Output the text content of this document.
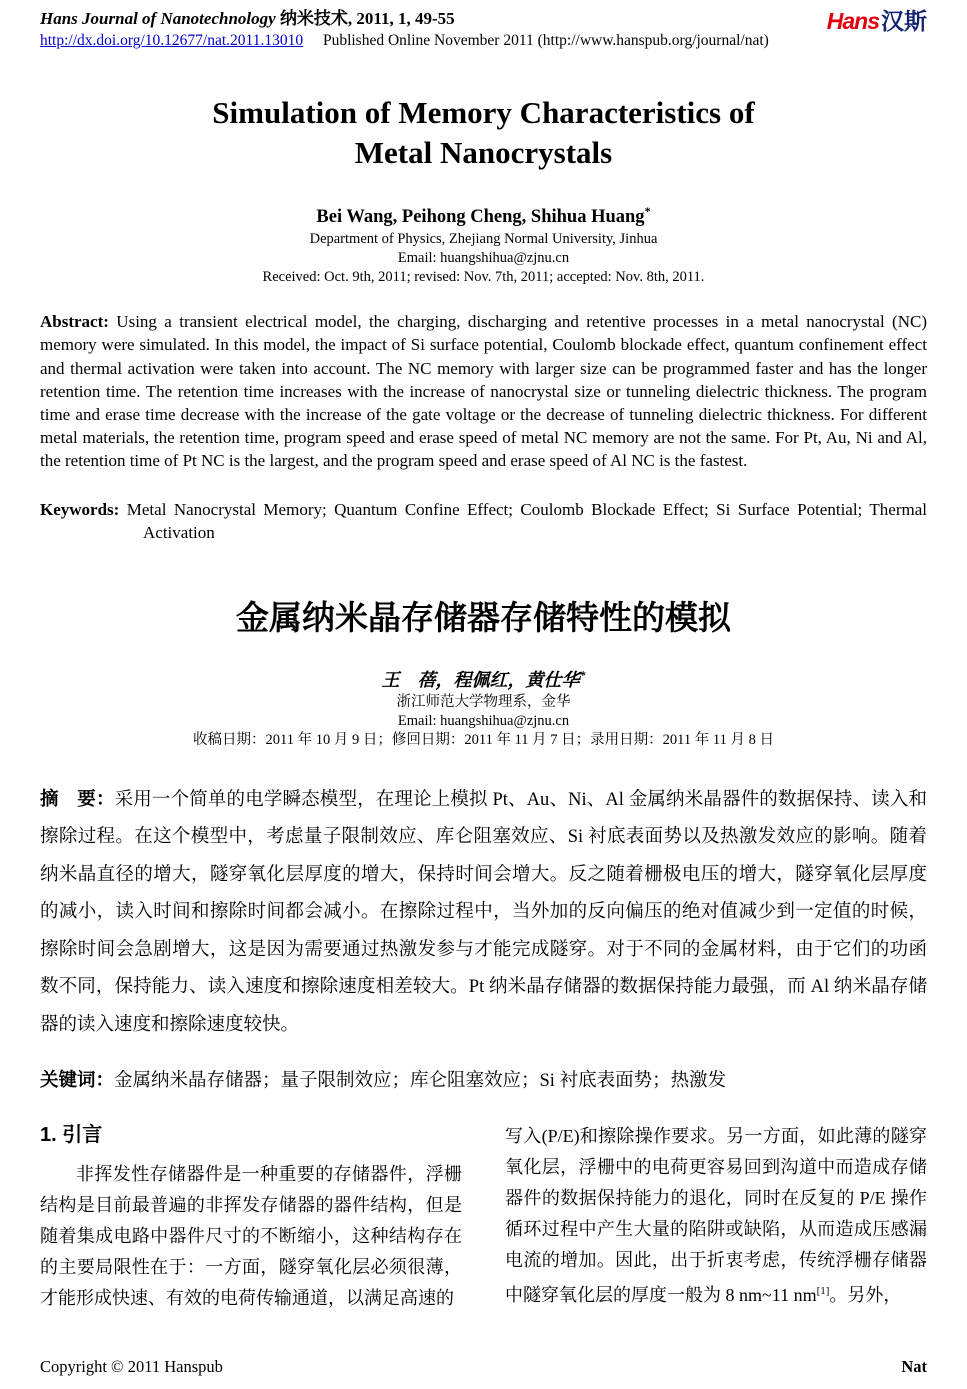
Hans Journal of Nanotechnology 纳米技术, 2011, 1, 49-55
http://dx.doi.org/10.12677/nat.2011.13010 Published Online November 2011 (http://www.hanspub.org/journal/nat)
Hans汉斯
Simulation of Memory Characteristics of
Metal Nanocrystals
Bei Wang, Peihong Cheng, Shihua Huang*
Department of Physics, Zhejiang Normal University, Jinhua
Email: huangshihua@zjnu.cn
Received: Oct. 9th, 2011; revised: Nov. 7th, 2011; accepted: Nov. 8th, 2011.
Abstract: Using a transient electrical model, the charging, discharging and retentive processes in a metal nanocrystal (NC) memory were simulated. In this model, the impact of Si surface potential, Coulomb blockade effect, quantum confinement effect and thermal activation were taken into account. The NC memory with larger size can be programmed faster and has the longer retention time. The retention time increases with the increase of nanocrystal size or tunneling dielectric thickness. The program time and erase time decrease with the increase of the gate voltage or the decrease of tunneling dielectric thickness. For different metal materials, the retention time, program speed and erase speed of metal NC memory are not the same. For Pt, Au, Ni and Al, the retention time of Pt NC is the largest, and the program speed and erase speed of Al NC is the fastest.
Keywords: Metal Nanocrystal Memory; Quantum Confine Effect; Coulomb Blockade Effect; Si Surface Potential; Thermal Activation
金属纳米晶存储器存储特性的模拟
王　蓓，程佩红，黄仕华*
浙江师范大学物理系，金华
Email: huangshihua@zjnu.cn
收稿日期：2011 年 10 月 9 日；修回日期：2011 年 11 月 7 日；录用日期：2011 年 11 月 8 日
摘　要：采用一个简单的电学瞬态模型，在理论上模拟 Pt、Au、Ni、Al 金属纳米晶器件的数据保持、读入和擦除过程。在这个模型中，考虑量子限制效应、库仑阻塞效应、Si 衬底表面势以及热激发效应的影响。随着纳米晶直径的增大，隧穿氧化层厚度的增大，保持时间会增大。反之随着栅极电压的增大，隧穿氧化层厚度的减小，读入时间和擦除时间都会减小。在擦除过程中，当外加的反向偏压的绝对值减少到一定值的时候，擦除时间会急剧增大，这是因为需要通过热激发参与才能完成隧穿。对于不同的金属材料，由于它们的功函数不同，保持能力、读入速度和擦除速度相差较大。Pt 纳米晶存储器的数据保持能力最强，而 Al 纳米晶存储器的读入速度和擦除速度较快。
关键词：金属纳米晶存储器；量子限制效应；库仑阻塞效应；Si 衬底表面势；热激发
1. 引言
非挥发性存储器件是一种重要的存储器件，浮栅结构是目前最普遍的非挥发存储器的器件结构，但是随着集成电路中器件尺寸的不断缩小，这种结构存在的主要局限性在于：一方面，隧穿氧化层必须很薄，才能形成快速、有效的电荷传输通道，以满足高速的
写入(P/E)和擦除操作要求。另一方面，如此薄的隧穿氧化层，浮栅中的电荷更容易回到沟道中而造成存储器件的数据保持能力的退化，同时在反复的 P/E 操作循环过程中产生大量的陷阱或缺陷，从而造成压感漏电流的增加。因此，出于折衷考虑，传统浮栅存储器中隧穿氧化层的厚度一般为 8 nm~11 nm[1]。另外，
Copyright © 2011 Hanspub	Nat
